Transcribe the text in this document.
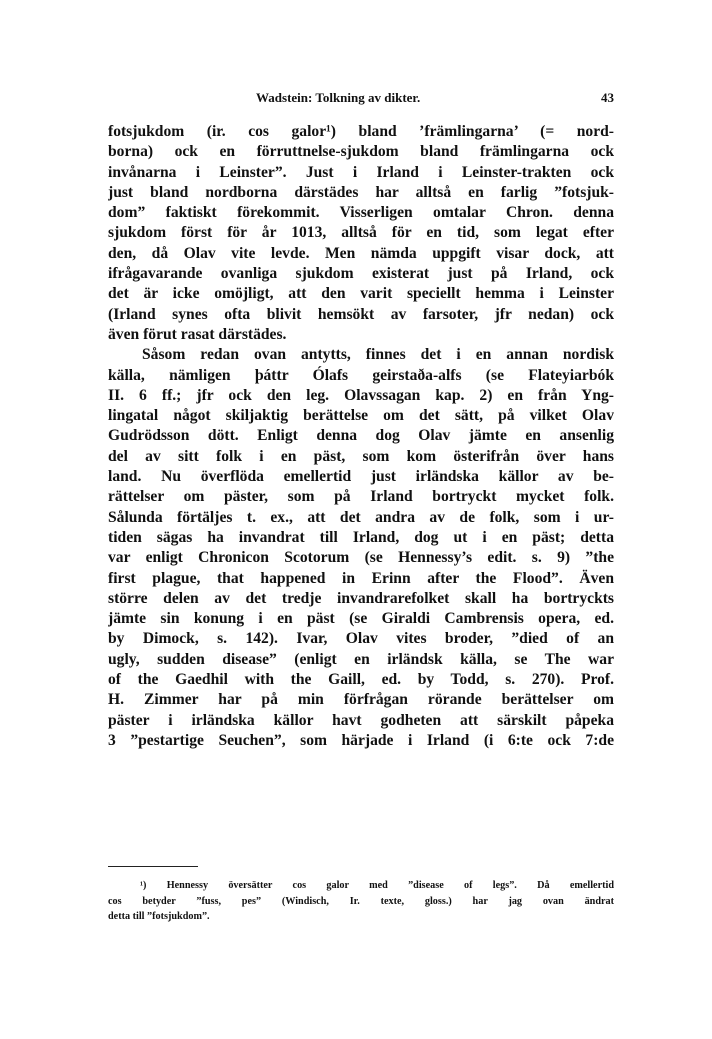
Wadstein: Tolkning av dikter.	43
fotsjukdom (ir. cos galor¹) bland ’främlingarna’ (= nord-
borna) ock en förruttnelse-sjukdom bland främlingarna ock
invånarna i Leinster”. Just i Irland i Leinster-trakten ock
just bland nordborna därstädes har alltså en farlig ”fotsjuk-
dom” faktiskt förekommit. Visserligen omtalar Chron. denna
sjukdom först för år 1013, alltså för en tid, som legat efter
den, då Olav vite levde. Men nämda uppgift visar dock, att
ifrågavarande ovanliga sjukdom existerat just på Irland, ock
det är icke omöjligt, att den varit speciellt hemma i Leinster
(Irland synes ofta blivit hemsökt av farsoter, jfr nedan) ock
även förut rasat därstädes.
Såsom redan ovan antytts, finnes det i en annan nordisk
källa, nämligen þáttr Ólafs geirstaða-alfs (se Flateyiarbók
II. 6 ff.; jfr ock den leg. Olavssagan kap. 2) en från Yng-
lingatal något skiljaktig berättelse om det sätt, på vilket Olav
Gudrödsson dött. Enligt denna dog Olav jämte en ansenlig
del av sitt folk i en päst, som kom österifrån över hans
land. Nu överflöda emellertid just irländska källor av be-
rättelser om päster, som på Irland bortryckt mycket folk.
Sålunda förtäljes t. ex., att det andra av de folk, som i ur-
tiden sägas ha invandrat till Irland, dog ut i en päst; detta
var enligt Chronicon Scotorum (se Hennessy’s edit. s. 9) ”the
first plague, that happened in Erinn after the Flood”. Även
större delen av det tredje invandrarefolket skall ha bortryckts
jämte sin konung i en päst (se Giraldi Cambrensis opera, ed.
by Dimock, s. 142). Ivar, Olav vites broder, ”died of an
ugly, sudden disease” (enligt en irländsk källa, se The war
of the Gaedhil with the Gaill, ed. by Todd, s. 270). Prof.
H. Zimmer har på min förfrågan rörande berättelser om
päster i irländska källor havt godheten att särskilt påpeka
3 ”pestartige Seuchen”, som härjade i Irland (i 6:te ock 7:de
¹) Hennessy översätter cos galor med ”disease of legs”. Då emellertid
cos betyder ”fuss, pes” (Windisch, Ir. texte, gloss.) har jag ovan ändrat
detta till ”fotsjukdom”.
